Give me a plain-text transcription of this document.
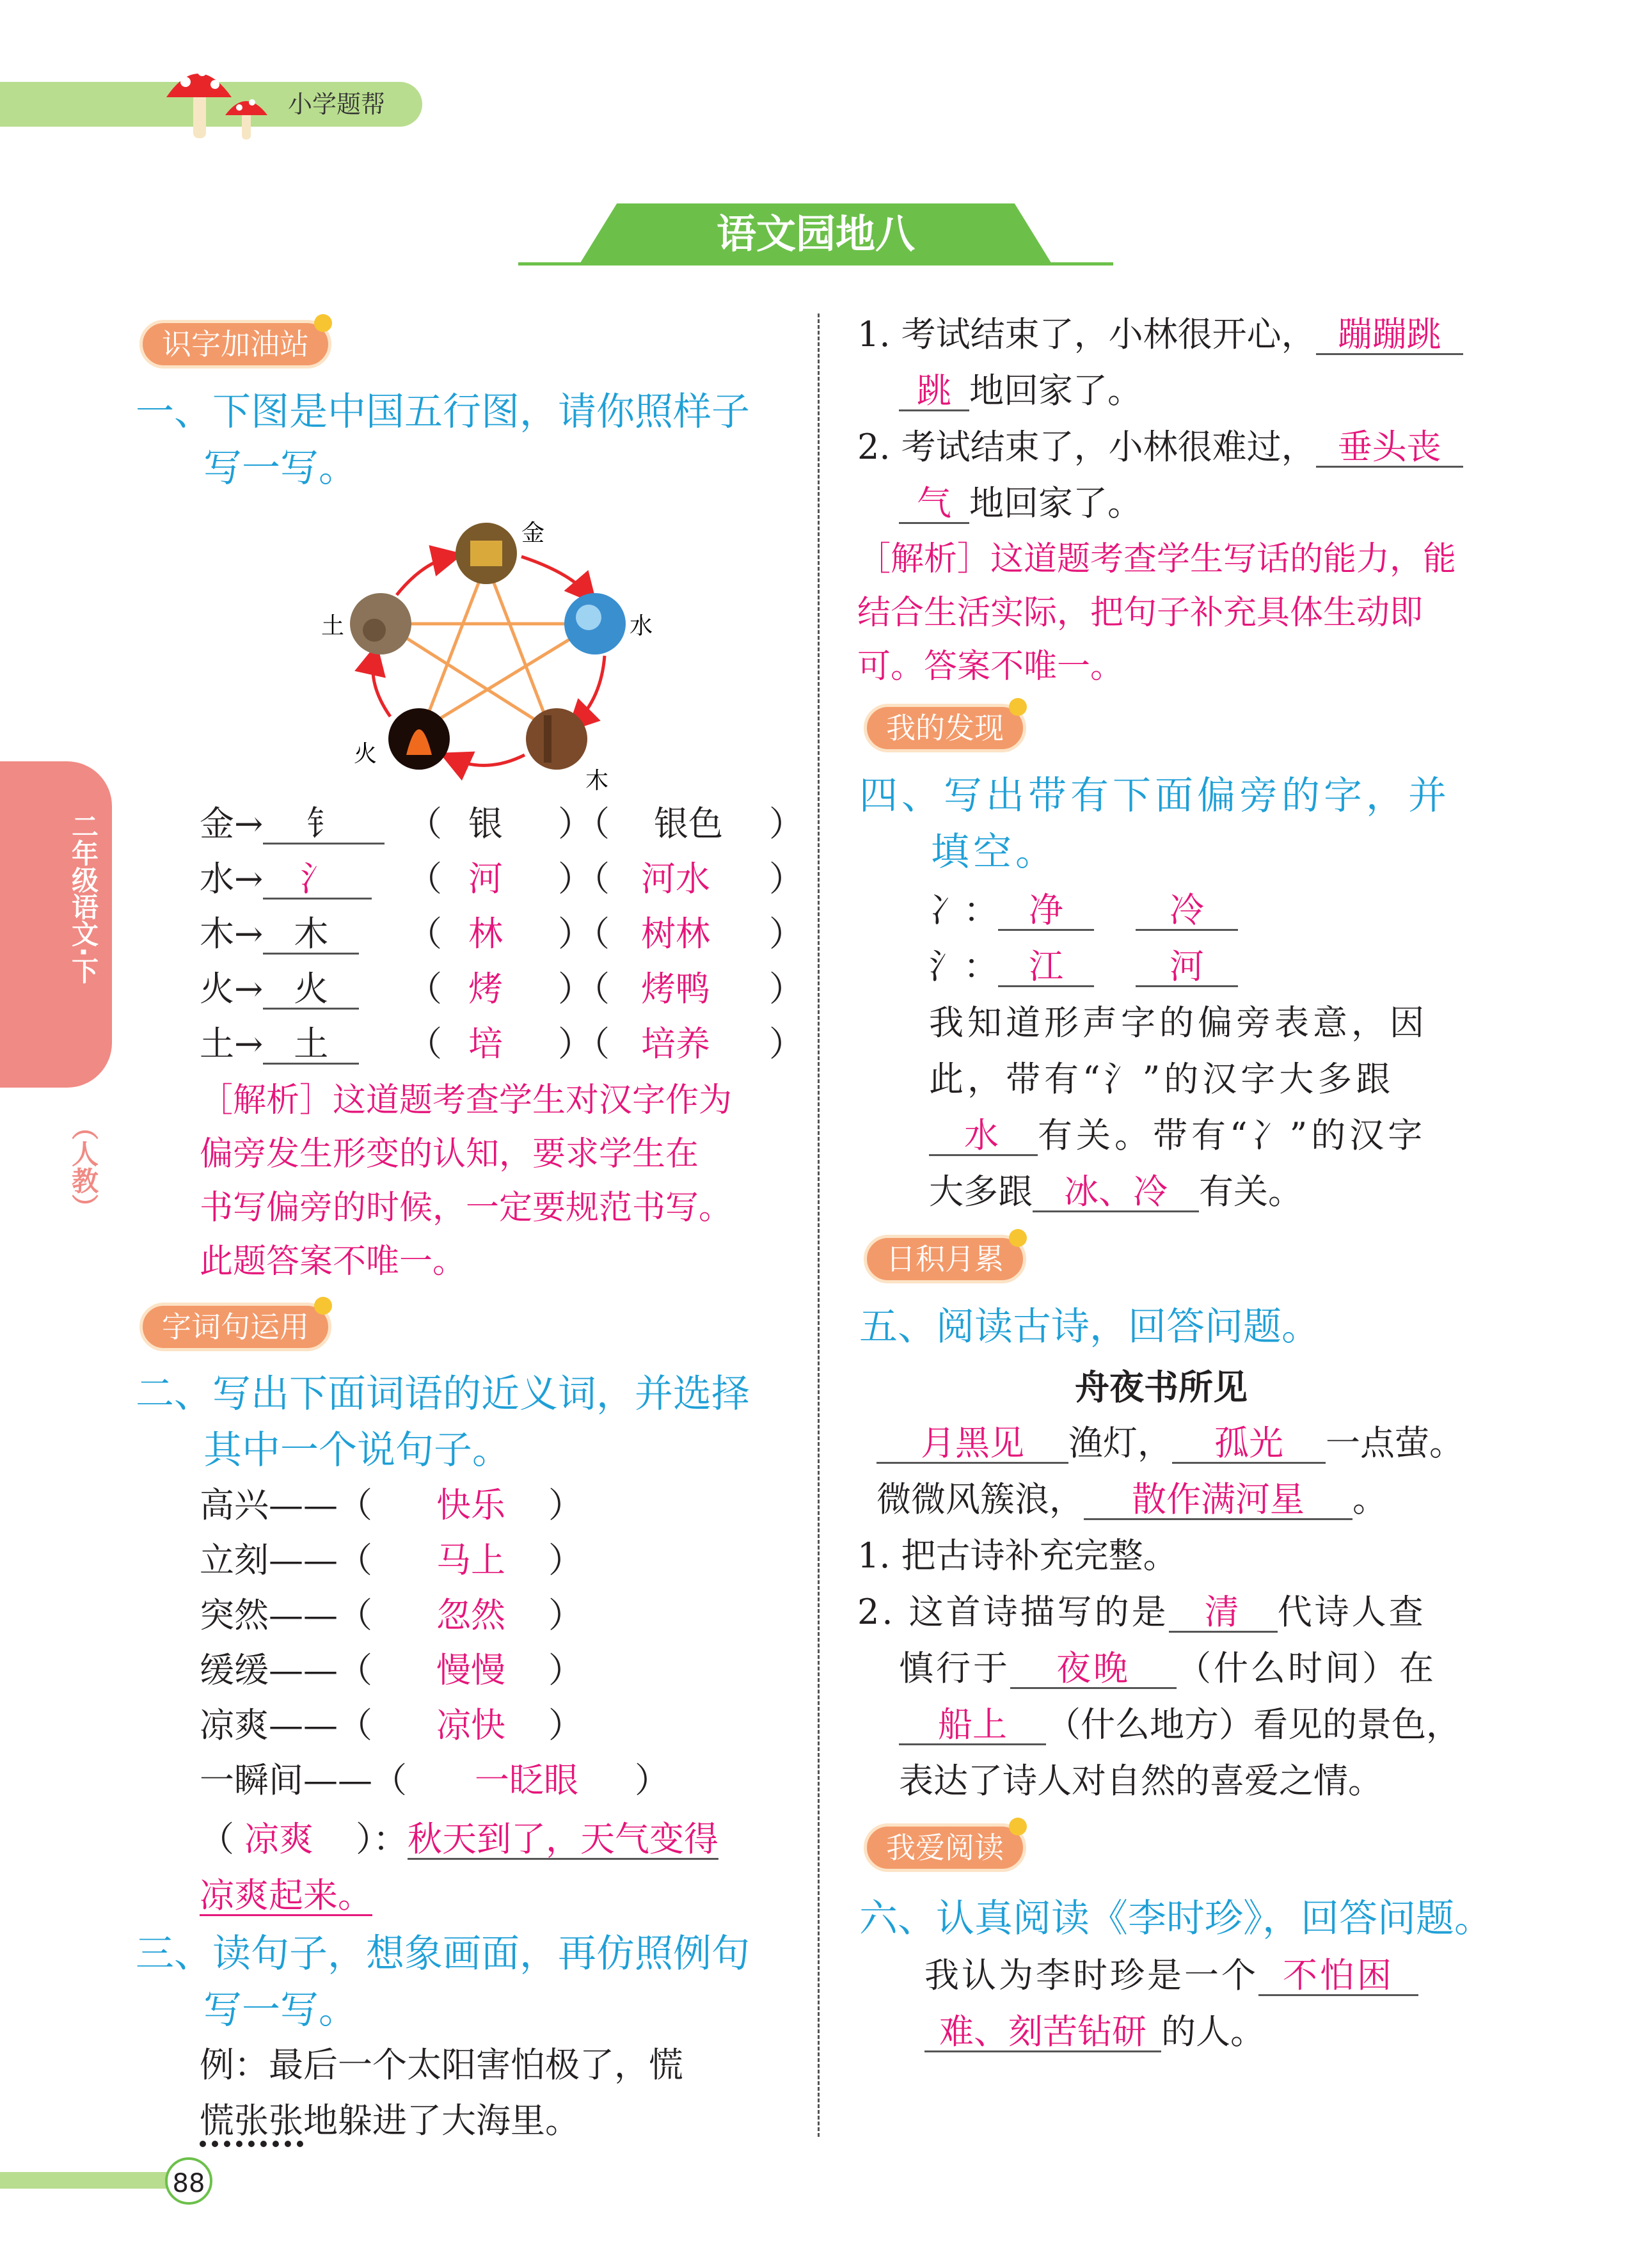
小学题帮
语文园地八
二年级语文·下
（人教）
识字加油站
一、下图是中国五行图，请你照样子
写一写。
金
水
木
火
土
金→ 钅 （ 银 ）（ 银色 ）
水→ 氵 （ 河 ）（ 河水 ）
木→ 木 （ 林 ）（ 树林 ）
火→ 火 （ 烤 ）（ 烤鸭 ）
土→ 土 （ 培 ）（ 培养 ）
［解析］这道题考查学生对汉字作为
偏旁发生形变的认知，要求学生在
书写偏旁的时候，一定要规范书写。
此题答案不唯一。
字词句运用
二、写出下面词语的近义词，并选择
其中一个说句子。
高兴——（ 快乐 ）
立刻——（ 马上 ）
突然——（ 忽然 ）
缓缓——（ 慢慢 ）
凉爽——（ 凉快 ）
一瞬间——（ 一眨眼 ）
（ 凉爽 ）：秋天到了，天气变得
凉爽起来。
三、读句子，想象画面，再仿照例句
写一写。
例：最后一个太阳害怕极了，慌
慌张张地躲进了大海里。
88
1. 考试结束了，小林很开心， 蹦蹦跳
跳 地回家了。
2. 考试结束了，小林很难过， 垂头丧
气 地回家了。
［解析］这道题考查学生写话的能力，能
结合生活实际，把句子补充具体生动即
可。答案不唯一。
我的发现
四、写出带有下面偏旁的字，并
填空。
冫： 净	冷
氵： 江	河
我知道形声字的偏旁表意，因
此，带有“氵”的汉字大多跟
水 有关。带有“冫”的汉字
大多跟 冰、冷 有关。
日积月累
五、阅读古诗，回答问题。
舟夜书所见
月黑见 渔灯， 孤光 一点萤。
微微风簇浪， 散作满河星 。
1. 把古诗补充完整。
2. 这首诗描写的是 清 代诗人查
慎行于 夜晚 （什么时间）在
船上 （什么地方）看见的景色，
表达了诗人对自然的喜爱之情。
我爱阅读
六、认真阅读《李时珍》，回答问题。
我认为李时珍是一个 不怕困
难、刻苦钻研 的人。
